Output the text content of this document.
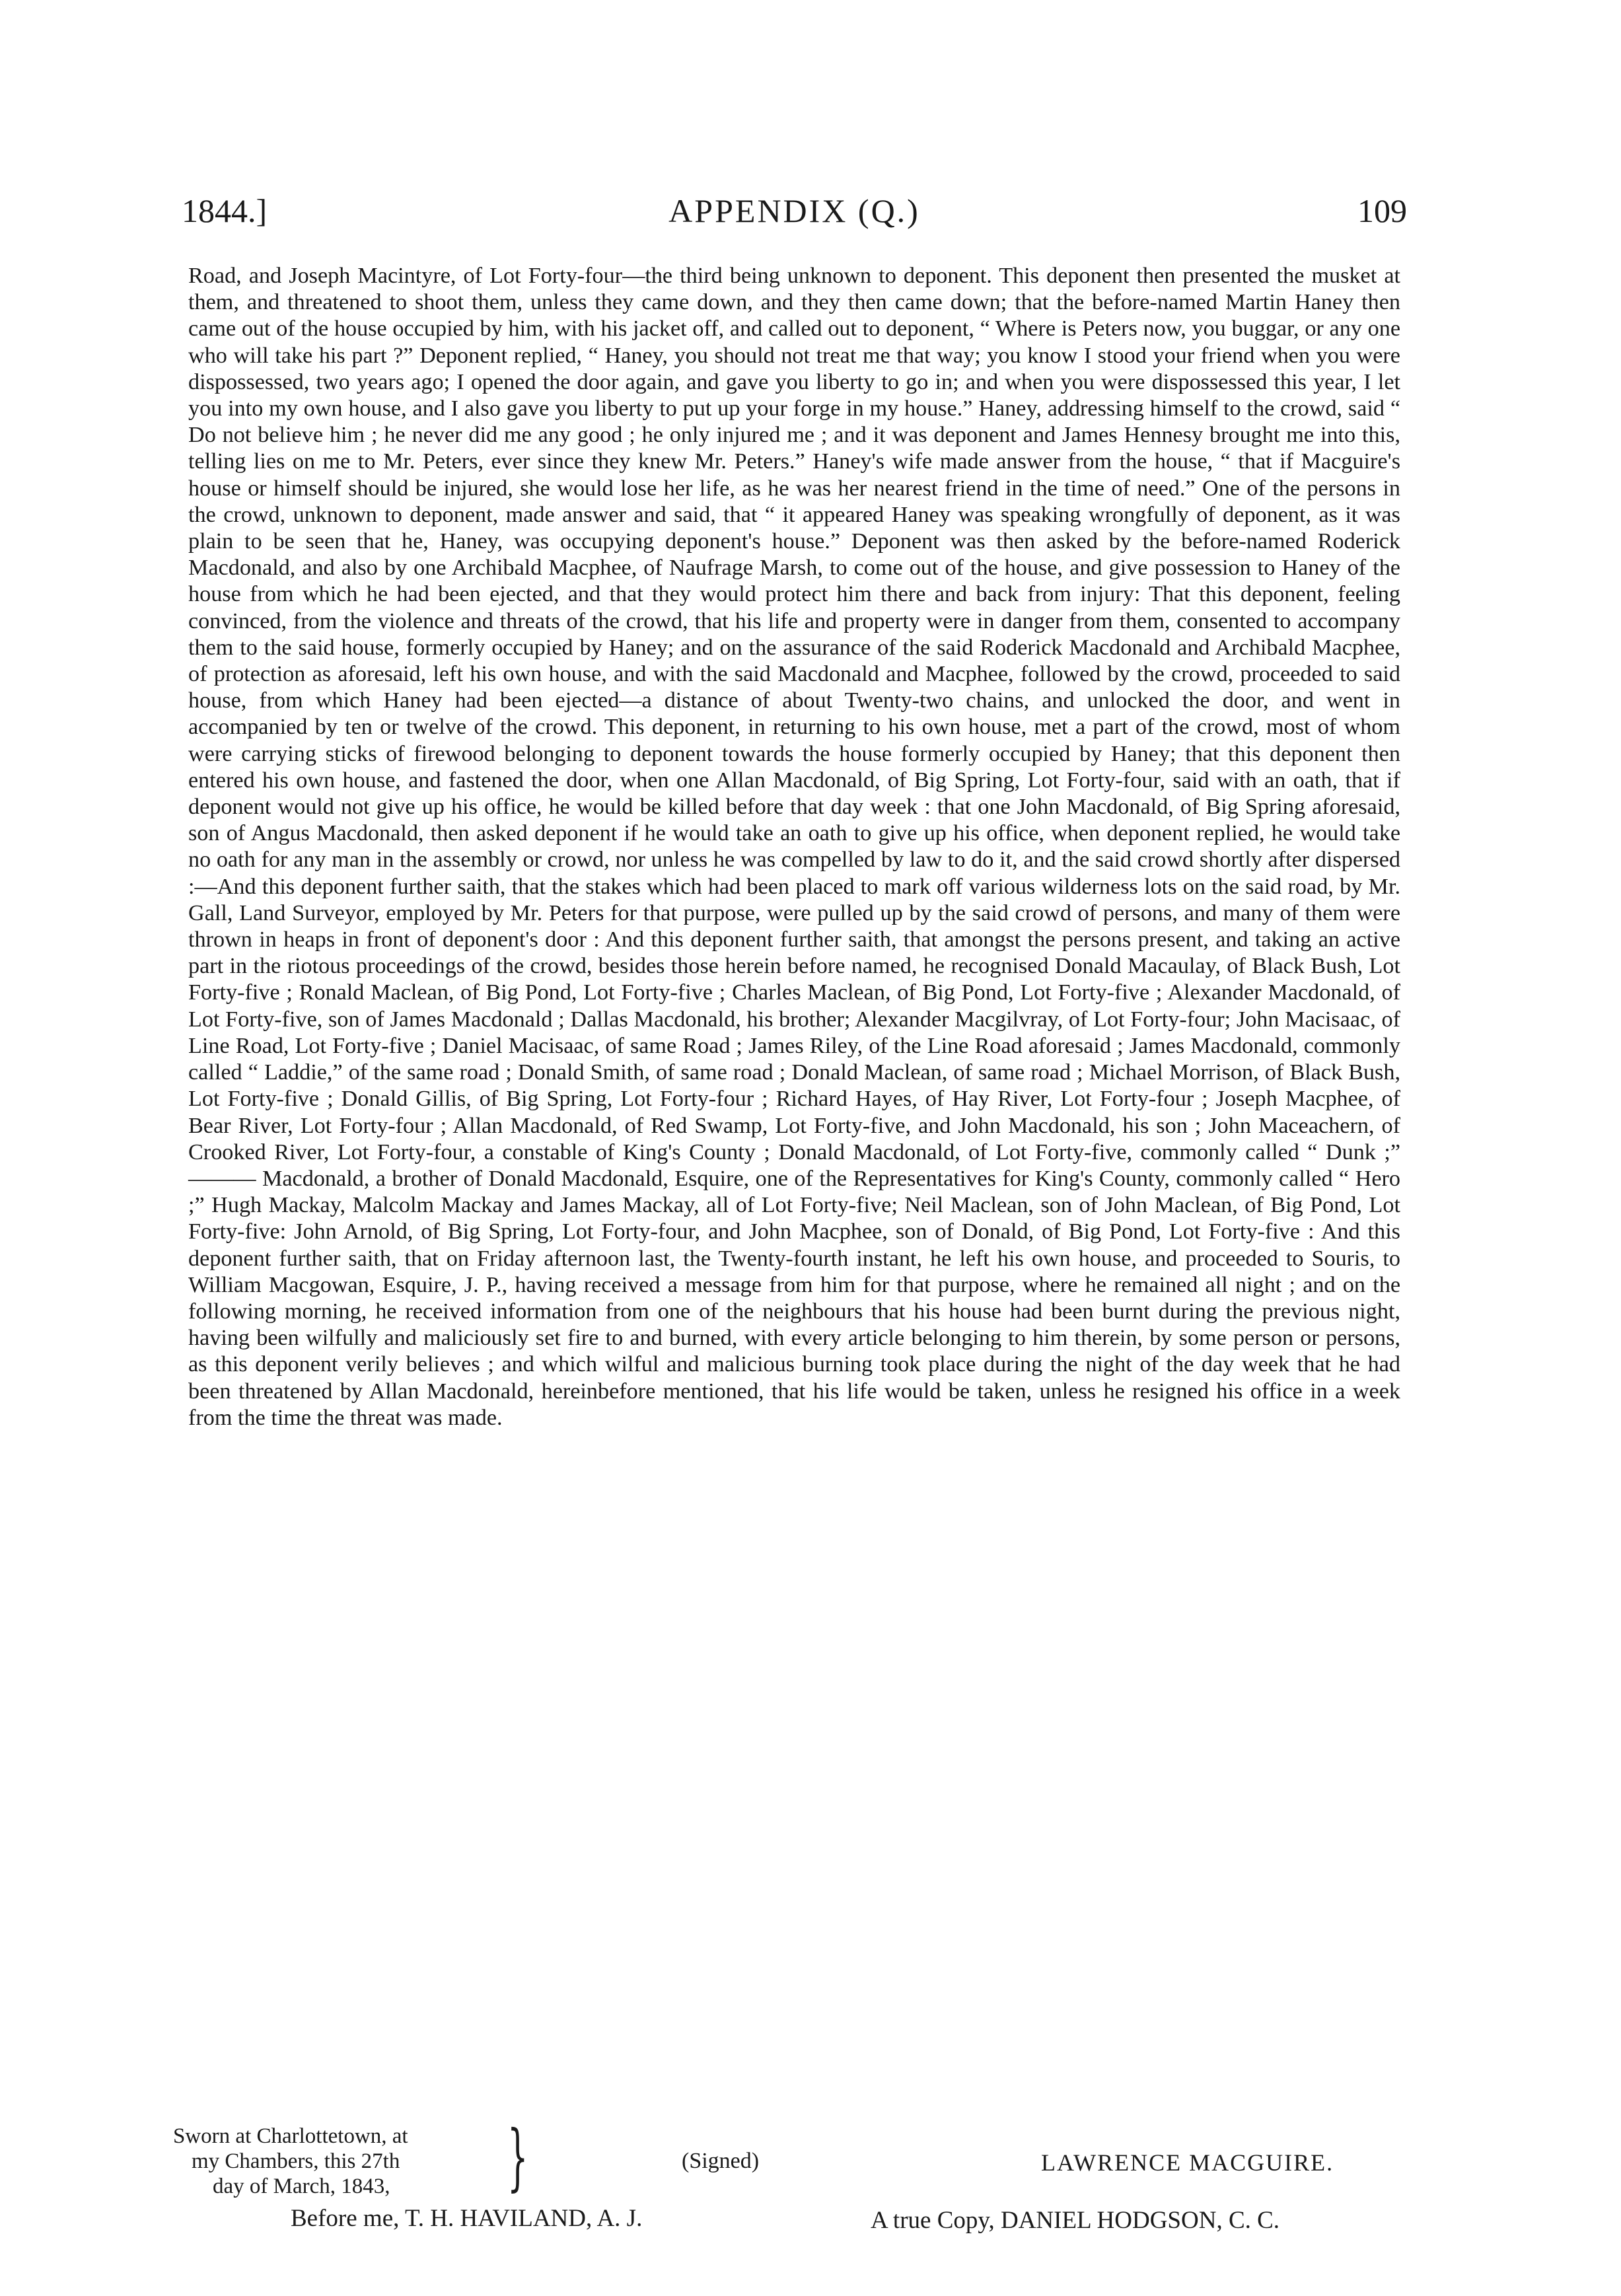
1844.]	APPENDIX (Q.)	109

Road, and Joseph Macintyre, of Lot Forty-four—the third being unknown to deponent. This deponent then presented the musket at them, and threatened to shoot them, unless they came down, and they then came down; that the before-named Martin Haney then came out of the house occupied by him, with his jacket off, and called out to deponent, “ Where is Peters now, you buggar, or any one who will take his part ?” Deponent replied, “ Haney, you should not treat me that way; you know I stood your friend when you were dispossessed, two years ago; I opened the door again, and gave you liberty to go in; and when you were dispossessed this year, I let you into my own house, and I also gave you liberty to put up your forge in my house.” Haney, addressing himself to the crowd, said “ Do not believe him ; he never did me any good ; he only injured me ; and it was deponent and James Hennesy brought me into this, telling lies on me to Mr. Peters, ever since they knew Mr. Peters.” Haney's wife made answer from the house, “ that if Macguire's house or himself should be injured, she would lose her life, as he was her nearest friend in the time of need.” One of the persons in the crowd, unknown to deponent, made answer and said, that “ it appeared Haney was speaking wrongfully of deponent, as it was plain to be seen that he, Haney, was occupying deponent's house.” Deponent was then asked by the before-named Roderick Macdonald, and also by one Archibald Macphee, of Naufrage Marsh, to come out of the house, and give possession to Haney of the house from which he had been ejected, and that they would protect him there and back from injury: That this deponent, feeling convinced, from the violence and threats of the crowd, that his life and property were in danger from them, consented to accompany them to the said house, formerly occupied by Haney; and on the assurance of the said Roderick Macdonald and Archibald Macphee, of protection as aforesaid, left his own house, and with the said Macdonald and Macphee, followed by the crowd, proceeded to said house, from which Haney had been ejected—a distance of about Twenty-two chains, and unlocked the door, and went in accompanied by ten or twelve of the crowd. This deponent, in returning to his own house, met a part of the crowd, most of whom were carrying sticks of firewood belonging to deponent towards the house formerly occupied by Haney; that this deponent then entered his own house, and fastened the door, when one Allan Macdonald, of Big Spring, Lot Forty-four, said with an oath, that if deponent would not give up his office, he would be killed before that day week : that one John Macdonald, of Big Spring aforesaid, son of Angus Macdonald, then asked deponent if he would take an oath to give up his office, when deponent replied, he would take no oath for any man in the assembly or crowd, nor unless he was compelled by law to do it, and the said crowd shortly after dispersed :—And this deponent further saith, that the stakes which had been placed to mark off various wilderness lots on the said road, by Mr. Gall, Land Surveyor, employed by Mr. Peters for that purpose, were pulled up by the said crowd of persons, and many of them were thrown in heaps in front of deponent's door : And this deponent further saith, that amongst the persons present, and taking an active part in the riotous proceedings of the crowd, besides those herein before named, he recognised Donald Macaulay, of Black Bush, Lot Forty-five ; Ronald Maclean, of Big Pond, Lot Forty-five ; Charles Maclean, of Big Pond, Lot Forty-five ; Alexander Macdonald, of Lot Forty-five, son of James Macdonald ; Dallas Macdonald, his brother; Alexander Macgilvray, of Lot Forty-four; John Macisaac, of Line Road, Lot Forty-five ; Daniel Macisaac, of same Road ; James Riley, of the Line Road aforesaid ; James Macdonald, commonly called “ Laddie,” of the same road ; Donald Smith, of same road ; Donald Maclean, of same road ; Michael Morrison, of Black Bush, Lot Forty-five ; Donald Gillis, of Big Spring, Lot Forty-four ; Richard Hayes, of Hay River, Lot Forty-four ; Joseph Macphee, of Bear River, Lot Forty-four ; Allan Macdonald, of Red Swamp, Lot Forty-five, and John Macdonald, his son ; John Maceachern, of Crooked River, Lot Forty-four, a constable of King's County ; Donald Macdonald, of Lot Forty-five, commonly called “ Dunk ;” ——— Macdonald, a brother of Donald Macdonald, Esquire, one of the Representatives for King's County, commonly called “ Hero ;” Hugh Mackay, Malcolm Mackay and James Mackay, all of Lot Forty-five; Neil Maclean, son of John Maclean, of Big Pond, Lot Forty-five: John Arnold, of Big Spring, Lot Forty-four, and John Macphee, son of Donald, of Big Pond, Lot Forty-five : And this deponent further saith, that on Friday afternoon last, the Twenty-fourth instant, he left his own house, and proceeded to Souris, to William Macgowan, Esquire, J. P., having received a message from him for that purpose, where he remained all night ; and on the following morning, he received information from one of the neighbours that his house had been burnt during the previous night, having been wilfully and maliciously set fire to and burned, with every article belonging to him therein, by some person or persons, as this deponent verily believes ; and which wilful and malicious burning took place during the night of the day week that he had been threatened by Allan Macdonald, hereinbefore mentioned, that his life would be taken, unless he resigned his office in a week from the time the threat was made.

Sworn at Charlottetown, at
my Chambers, this 27th
day of March, 1843, }	(Signed)	LAWRENCE MACGUIRE.
Before me, T. H. HAVILAND, A. J.	A true Copy, DANIEL HODGSON, C. C.
